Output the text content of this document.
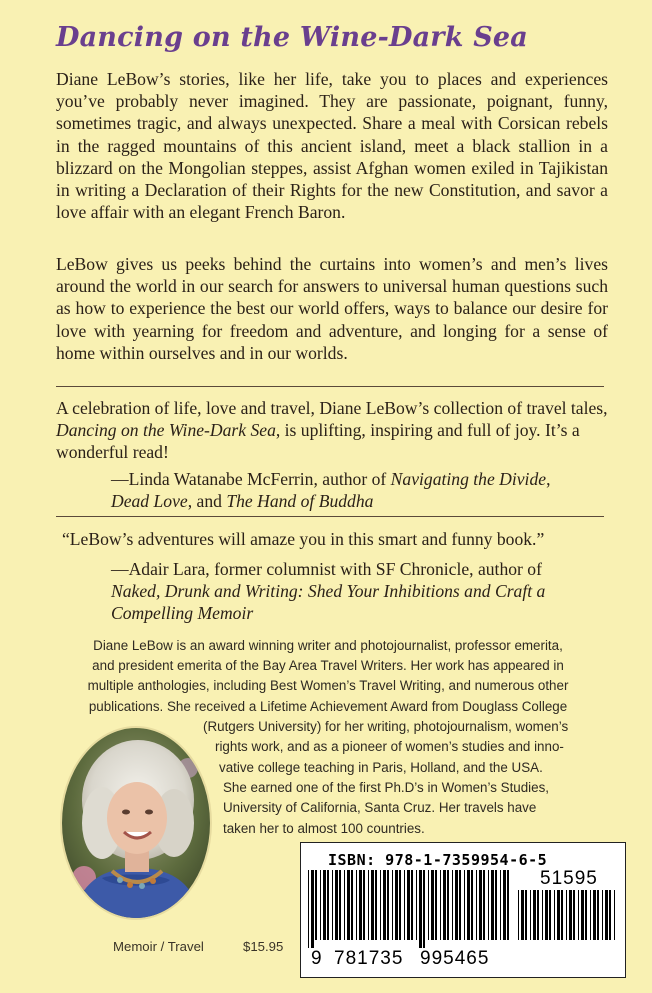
Dancing on the Wine-Dark Sea

Diane LeBow’s stories, like her life, take you to places and experiences you’ve probably never imagined. They are passionate, poignant, funny, sometimes tragic, and always unexpected. Share a meal with Corsican rebels in the ragged mountains of this ancient island, meet a black stallion in a blizzard on the Mongolian steppes, assist Afghan women exiled in Tajikistan in writing a Declaration of their Rights for the new Constitution, and savor a love affair with an elegant French Baron.

LeBow gives us peeks behind the curtains into women’s and men’s lives around the world in our search for answers to universal human questions such as how to experience the best our world offers, ways to balance our desire for love with yearning for freedom and adventure, and longing for a sense of home within ourselves and in our worlds.

A celebration of life, love and travel, Diane LeBow’s collection of travel tales, Dancing on the Wine-Dark Sea, is uplifting, inspiring and full of joy. It’s a wonderful read!

—Linda Watanabe McFerrin, author of Navigating the Divide, Dead Love, and The Hand of Buddha

“LeBow’s adventures will amaze you in this smart and funny book.”

—Adair Lara, former columnist with SF Chronicle, author of Naked, Drunk and Writing: Shed Your Inhibitions and Craft a Compelling Memoir

Diane LeBow is an award winning writer and photojournalist, professor emerita,

and president emerita of the Bay Area Travel Writers. Her work has appeared in

multiple anthologies, including Best Women’s Travel Writing, and numerous other

publications. She received a Lifetime Achievement Award from Douglass College

(Rutgers University) for her writing, photojournalism, women’s

rights work, and as a pioneer of women’s studies and inno-

vative college teaching in Paris, Holland, and the USA.

She earned one of the first Ph.D’s in Women’s Studies,

University of California, Santa Cruz. Her travels have

taken her to almost 100 countries.

ISBN: 978-1-7359954-6-5
51595
9 781735 995465
Memoir / Travel	$15.95
